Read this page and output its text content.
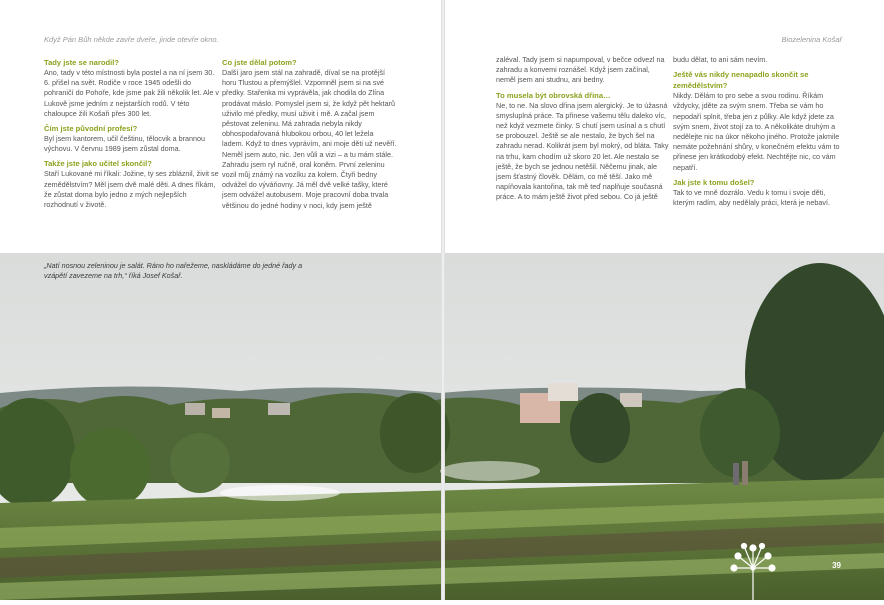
Když Pán Bůh někde zavře dveře, jinde otevře okno.	Biozelenina Košař
Tady jste se narodil?

Ano, tady v této místnosti byla postel a na ní jsem 30. 6. přišel na svět. Rodiče v roce 1945 odešli do pohraničí do Pohoře, kde jsme pak žili několik let. Ale v Lukově jsme jedním z nejstarších rodů. V této chaloupce žili Košaři přes 300 let.

Čím jste původní profesí?

Byl jsem kantorem, učil češtinu, tělocvik a brannou výchovu. V červnu 1989 jsem zůstal doma.

Takže jste jako učitel skončil?

Staří Lukované mi říkali: Jožine, ty ses zbláznil, živit se zemědělstvím? Měl jsem dvě malé děti. A dnes říkám, že zůstat doma bylo jedno z mých nejlepších rozhodnutí v životě.

Co jste dělal potom?

Další jaro jsem stál na zahradě, díval se na protější horu Tlustou a přemýšlel. Vzpomněl jsem si na své předky. Stařenka mi vyprávěla, jak chodila do Zlína prodávat máslo. Pomyslel jsem si, že když pět hektarů uživilo mé předky, musí uživit i mě. A začal jsem pěstovat zeleninu. Má zahrada nebyla nikdy obhospodařovaná hlubokou orbou, 40 let ležela ladem. Když to dnes vyprávím, ani moje děti už nevěří. Neměl jsem auto, nic. Jen vůli a vizi – a tu mám stále. Zahradu jsem ryl ručně, oral koněm. První zeleninu vozil můj známý na vozíku za kolem. Čtyři bedny odvážel do výváňovny. Já měl dvě velké tašky, které jsem odvážel autobusem. Moje pracovní doba trvala většinou do jedné hodiny v noci, kdy jsem ještě

zaléval. Tady jsem si napumpoval, v bečce odvezl na zahradu a konvemi roznášel. Když jsem začínal, neměl jsem ani studnu, ani bedny.

To musela být obrovská dřina…

Ne, to ne. Na slovo dřina jsem alergický. Je to úžasná smysluplná práce. Ta přinese vašemu tělu daleko víc, než když vezmete činky. S chutí jsem usínal a s chutí se probouzel. Ještě se ale nestalo, že bych šel na zahradu nerad. Kolikrát jsem byl mokrý, od bláta. Taky na trhu, kam chodím už skoro 20 let. Ale nestalo se ještě, že bych se jednou netěšil. Něčemu jinak, ale jsem šťastný člověk. Dělám, co mě těší. Jako mě napíňovala kantořina, tak mě teď naplňuje současná práce. A to mám ještě život před sebou. Co já ještě

budu dělat, to ani sám nevím.

Ještě vás nikdy nenapadlo skončit se zemědělstvím?

Nikdy. Dělám to pro sebe a svou rodinu. Říkám vždycky, jděte za svým snem. Třeba se vám ho nepodaří splnit, třeba jen z půlky. Ale když jdete za svým snem, život stojí za to. A několikáte druhým a nedělejte nic na úkor někoho jiného. Protože jakmile nemáte požehnání shůry, v konečném efektu vám to přinese jen krátkodobý efekt. Nechtějte nic, co vám nepatří.

Jak jste k tomu došel?

Tak to ve mně dozrálo. Vedu k tomu i svoje děti, kterým radím, aby nedělaly práci, která je nebaví.

„Natí nosnou zeleninou je salát. Ráno ho nařežeme, naskládáme do jedné řady a vzápětí zavezeme na trh,“ říká Josef Košař.
39
